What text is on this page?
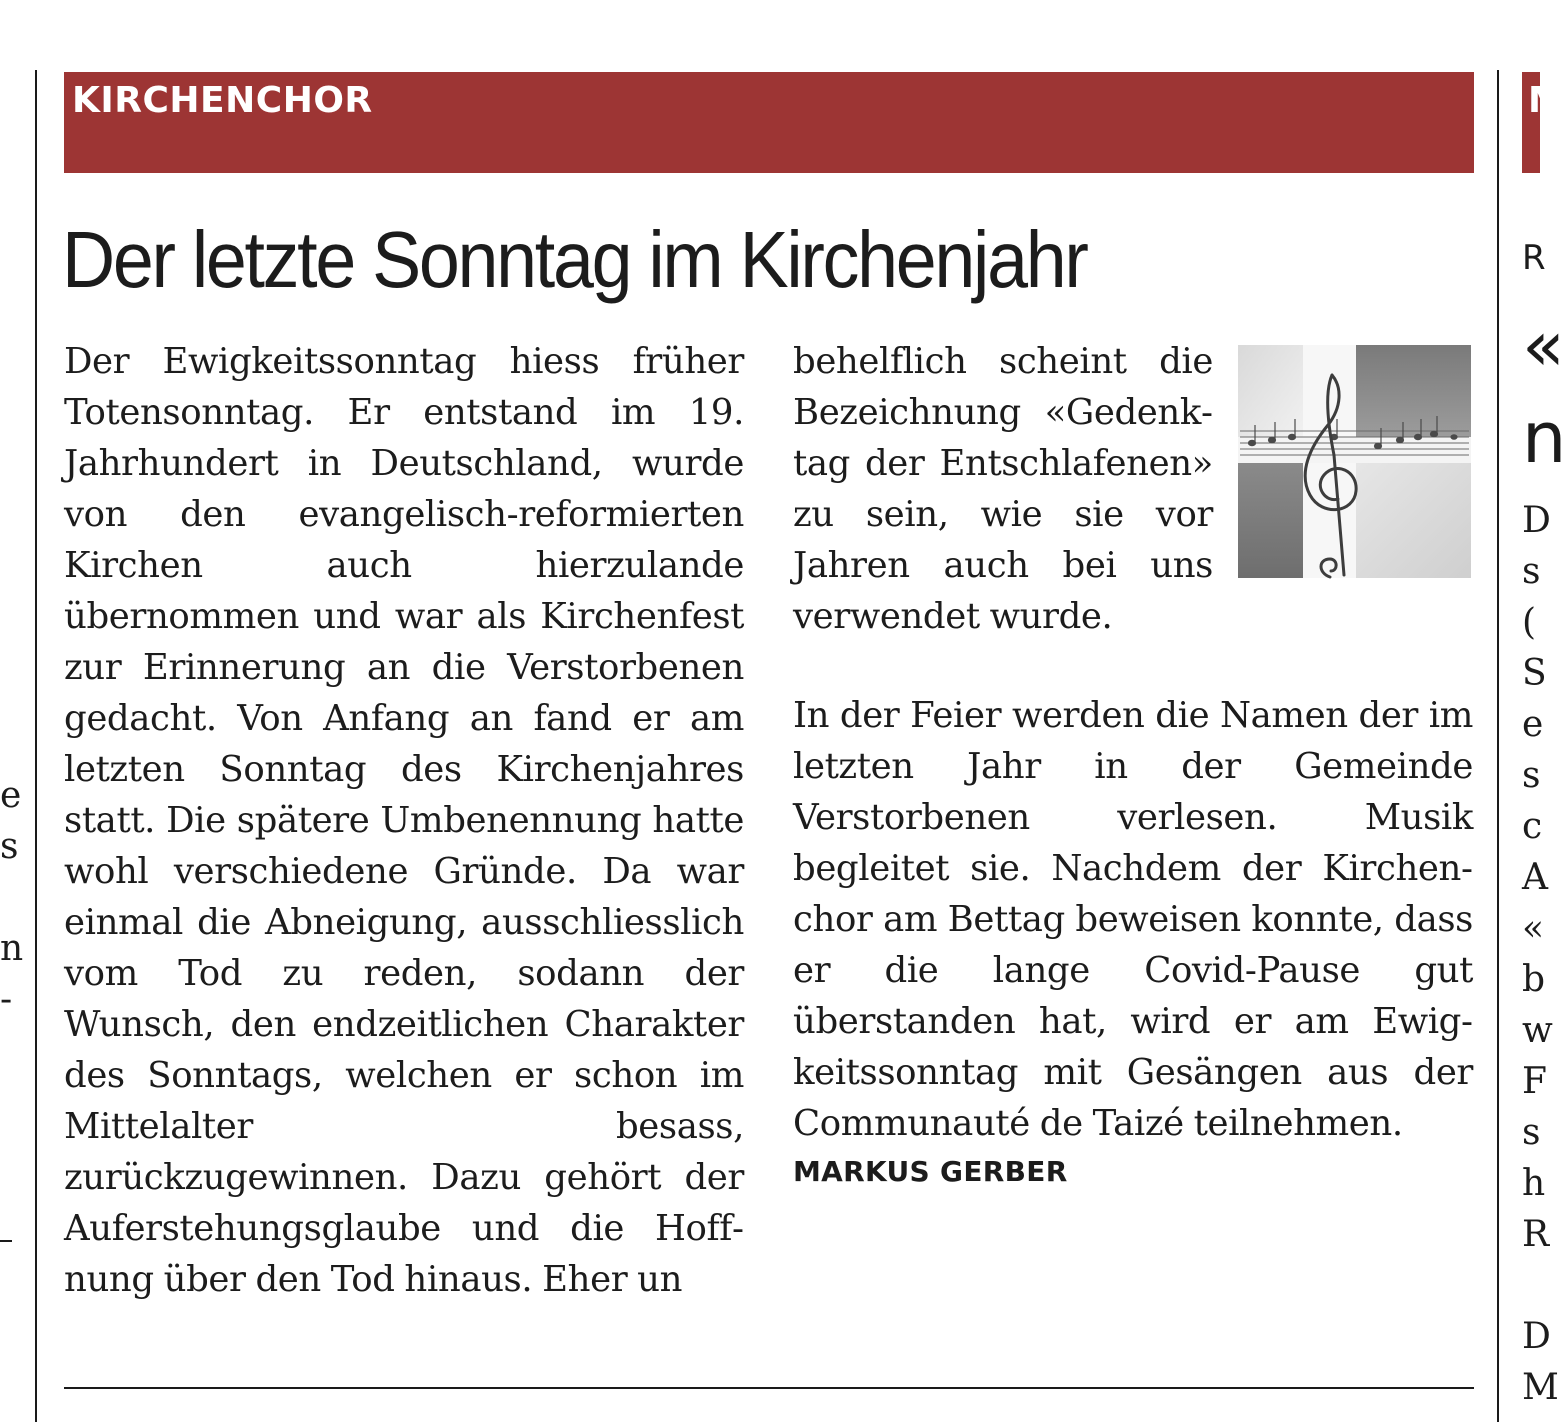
e
s
n
-
KIRCHENCHOR	M
R
«
n
D
s
(
S
e
s
c
A
«
b
w
F
s
h
R
D
M
Der letzte Sonntag im Kirchenjahr

Der Ewigkeitssonntag hiess früher Totensonntag. Er entstand im 19. Jahrhundert in Deutschland, wurde von den evangelisch-reformierten Kirchen auch hierzulande übernommen und war als Kirchenfest zur Erinnerung an die Verstorbenen gedacht. Von Anfang an fand er am letzten Sonntag des Kirchenjahres statt. Die spätere Umbenennung hatte wohl verschiedene Gründe. Da war einmal die Abneigung, ausschliesslich vom Tod zu reden, sodann der Wunsch, den endzeitlichen Charakter des Sonntags, welchen er schon im Mittelalter besass, zurückzugewinnen. Dazu gehört der Auferstehungsglaube und die Hoffnung über den Tod hinaus. Eher un

behelflich scheint die Bezeichnung «Gedenktag der Entschlafenen» zu sein, wie sie vor Jahren auch bei uns verwendet wurde.

In der Feier werden die Namen der im letzten Jahr in der Gemeinde Verstorbenen verlesen. Musik begleitet sie. Nachdem der Kirchenchor am Bettag beweisen konnte, dass er die lange Covid-Pause gut überstanden hat, wird er am Ewigkeitssonntag mit Gesängen aus der Communauté de Taizé teilnehmen.

MARKUS GERBER
